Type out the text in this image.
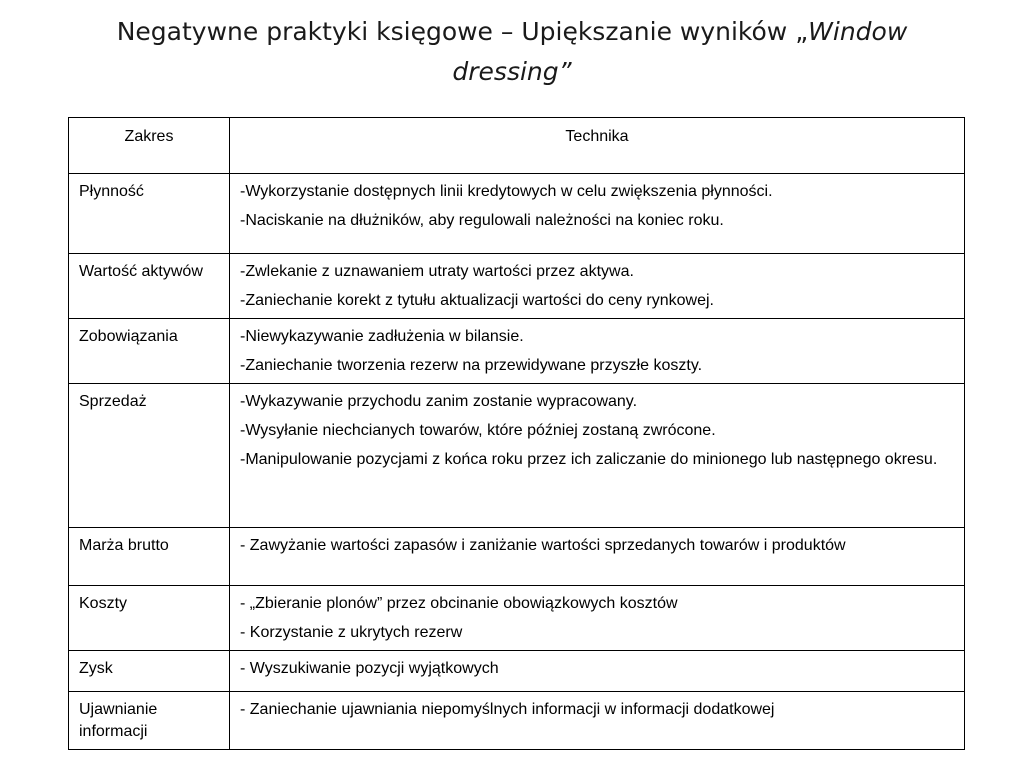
Negatywne praktyki księgowe – Upiększanie wyników „Window dressing”
Zakres	Technika
Płynność	-Wykorzystanie dostępnych linii kredytowych w celu zwiększenia płynności.
-Naciskanie na dłużników, aby regulowali należności na koniec roku.

Wartość aktywów	-Zwlekanie z uznawaniem utraty wartości przez aktywa.
-Zaniechanie korekt z tytułu aktualizacji wartości do ceny rynkowej.

Zobowiązania	-Niewykazywanie zadłużenia w bilansie.
-Zaniechanie tworzenia rezerw na przewidywane przyszłe koszty.

Sprzedaż	-Wykazywanie przychodu zanim zostanie wypracowany.
-Wysyłanie niechcianych towarów, które później zostaną zwrócone.
-Manipulowanie pozycjami z końca roku przez ich zaliczanie do minionego lub następnego okresu.

Marża brutto	- Zawyżanie wartości zapasów i zaniżanie wartości sprzedanych towarów i produktów

Koszty	- „Zbieranie plonów” przez obcinanie obowiązkowych kosztów
- Korzystanie z ukrytych rezerw

Zysk	- Wyszukiwanie pozycji wyjątkowych

Ujawnianie informacji	- Zaniechanie ujawniania niepomyślnych informacji w informacji dodatkowej
